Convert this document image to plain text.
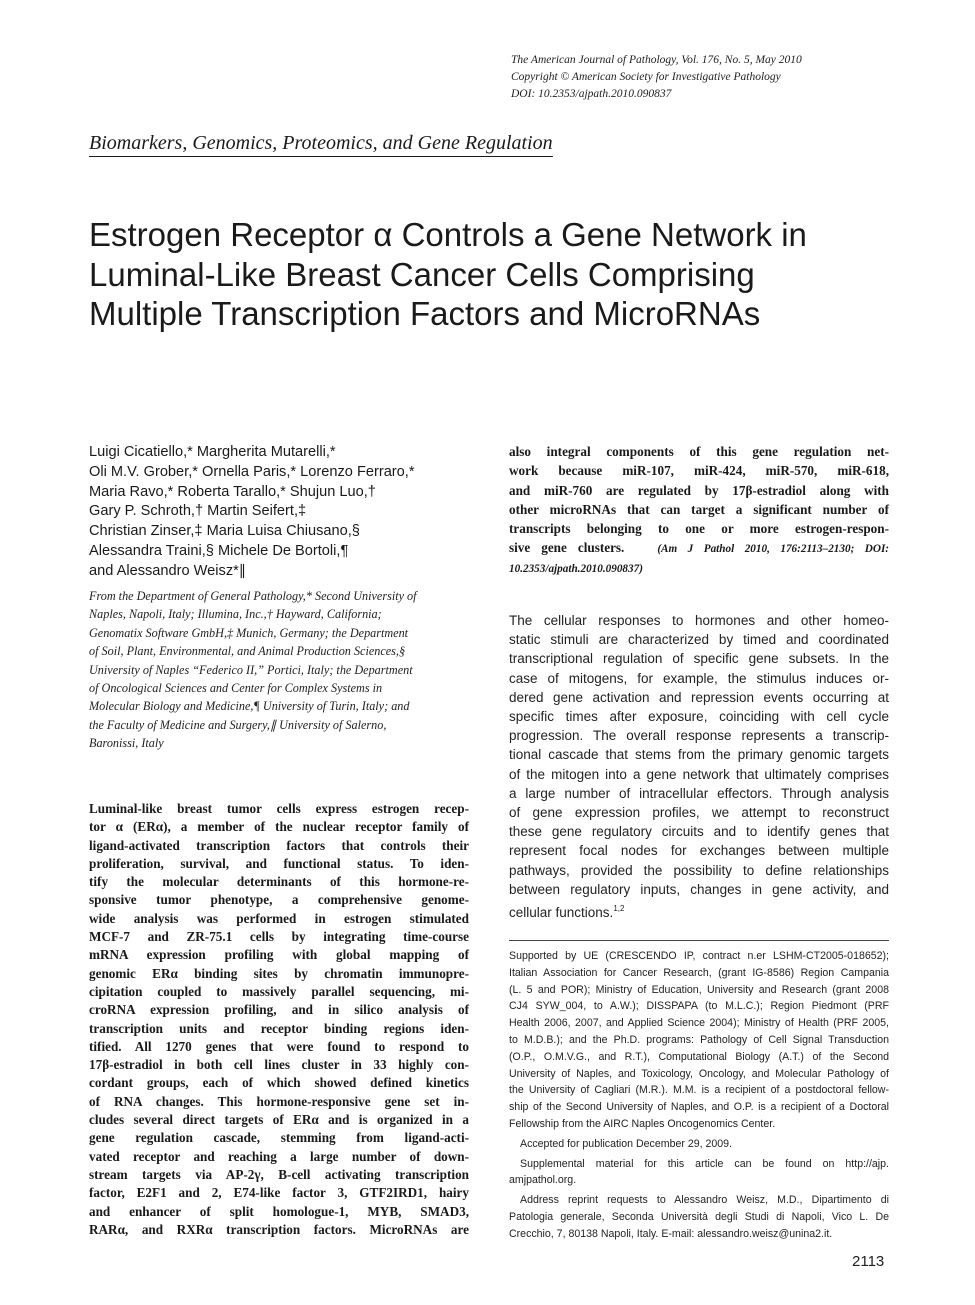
The American Journal of Pathology, Vol. 176, No. 5, May 2010
Copyright © American Society for Investigative Pathology
DOI: 10.2353/ajpath.2010.090837
Biomarkers, Genomics, Proteomics, and Gene Regulation
Estrogen Receptor α Controls a Gene Network in
Luminal-Like Breast Cancer Cells Comprising
Multiple Transcription Factors and MicroRNAs
Luigi Cicatiello,* Margherita Mutarelli,*
Oli M.V. Grober,* Ornella Paris,* Lorenzo Ferraro,*
Maria Ravo,* Roberta Tarallo,* Shujun Luo,†
Gary P. Schroth,† Martin Seifert,‡
Christian Zinser,‡ Maria Luisa Chiusano,§
Alessandra Traini,§ Michele De Bortoli,¶
and Alessandro Weisz*∥
From the Department of General Pathology,* Second University of
Naples, Napoli, Italy; Illumina, Inc.,† Hayward, California;
Genomatix Software GmbH,‡ Munich, Germany; the Department
of Soil, Plant, Environmental, and Animal Production Sciences,§
University of Naples “Federico II,” Portici, Italy; the Department
of Oncological Sciences and Center for Complex Systems in
Molecular Biology and Medicine,¶ University of Turin, Italy; and
the Faculty of Medicine and Surgery,∥ University of Salerno,
Baronissi, Italy
Luminal-like breast tumor cells express estrogen recep-
tor α (ERα), a member of the nuclear receptor family of
ligand-activated transcription factors that controls their
proliferation, survival, and functional status. To iden-
tify the molecular determinants of this hormone-re-
sponsive tumor phenotype, a comprehensive genome-
wide analysis was performed in estrogen stimulated
MCF-7 and ZR-75.1 cells by integrating time-course
mRNA expression profiling with global mapping of
genomic ERα binding sites by chromatin immunopre-
cipitation coupled to massively parallel sequencing, mi-
croRNA expression profiling, and in silico analysis of
transcription units and receptor binding regions iden-
tified. All 1270 genes that were found to respond to
17β-estradiol in both cell lines cluster in 33 highly con-
cordant groups, each of which showed defined kinetics
of RNA changes. This hormone-responsive gene set in-
cludes several direct targets of ERα and is organized in a
gene regulation cascade, stemming from ligand-acti-
vated receptor and reaching a large number of down-
stream targets via AP-2γ, B-cell activating transcription
factor, E2F1 and 2, E74-like factor 3, GTF2IRD1, hairy
and enhancer of split homologue-1, MYB, SMAD3,
RARα, and RXRα transcription factors. MicroRNAs are
also integral components of this gene regulation net-
work because miR-107, miR-424, miR-570, miR-618,
and miR-760 are regulated by 17β-estradiol along with
other microRNAs that can target a significant number of
transcripts belonging to one or more estrogen-respon-
sive gene clusters.	(Am J Pathol 2010, 176:2113–2130; DOI:
10.2353/ajpath.2010.090837)
The cellular responses to hormones and other homeo-
static stimuli are characterized by timed and coordinated
transcriptional regulation of specific gene subsets. In the
case of mitogens, for example, the stimulus induces or-
dered gene activation and repression events occurring at
specific times after exposure, coinciding with cell cycle
progression. The overall response represents a transcrip-
tional cascade that stems from the primary genomic targets
of the mitogen into a gene network that ultimately comprises
a large number of intracellular effectors. Through analysis
of gene expression profiles, we attempt to reconstruct
these gene regulatory circuits and to identify genes that
represent focal nodes for exchanges between multiple
pathways, provided the possibility to define relationships
between regulatory inputs, changes in gene activity, and
cellular functions.$^{1,2}$
Supported by UE (CRESCENDO IP, contract n.er LSHM-CT2005-018652);
Italian Association for Cancer Research, (grant IG-8586) Region Campania
(L. 5 and POR); Ministry of Education, University and Research (grant 2008
CJ4 SYW_004, to A.W.); DISSPAPA (to M.L.C.); Region Piedmont (PRF
Health 2006, 2007, and Applied Science 2004); Ministry of Health (PRF 2005,
to M.D.B.); and the Ph.D. programs: Pathology of Cell Signal Transduction
(O.P., O.M.V.G., and R.T.), Computational Biology (A.T.) of the Second
University of Naples, and Toxicology, Oncology, and Molecular Pathology of
the University of Cagliari (M.R.). M.M. is a recipient of a postdoctoral fellow-
ship of the Second University of Naples, and O.P. is a recipient of a Doctoral
Fellowship from the AIRC Naples Oncogenomics Center.
Accepted for publication December 29, 2009.
Supplemental material for this article can be found on http://ajp.
amjpathol.org.
Address reprint requests to Alessandro Weisz, M.D., Dipartimento di
Patologia generale, Seconda Università degli Studi di Napoli, Vico L. De
Crecchio, 7, 80138 Napoli, Italy. E-mail: alessandro.weisz@unina2.it.
2113
